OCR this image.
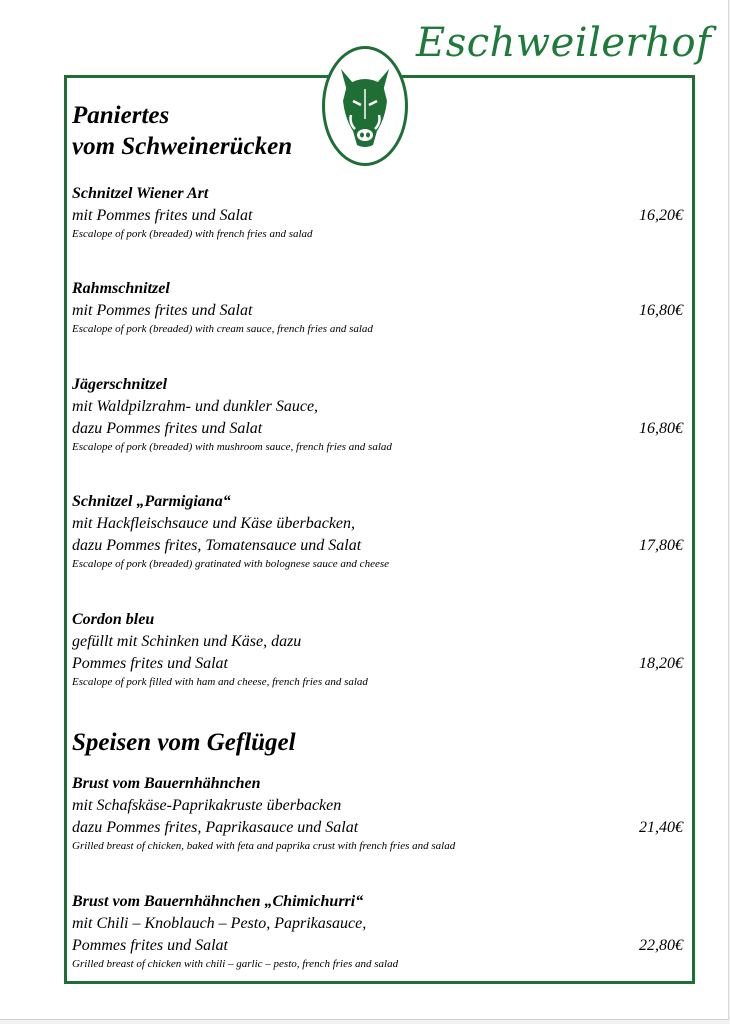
Eschweilerhof
Paniertes
vom Schweinerücken
Schnitzel Wiener Art
mit Pommes frites und Salat
Escalope of pork (breaded) with french fries and salad
16,20€
Rahmschnitzel
mit Pommes frites und Salat
Escalope of pork (breaded) with cream sauce, french fries and salad
16,80€
Jägerschnitzel
mit Waldpilzrahm- und dunkler Sauce,
dazu Pommes frites und Salat
Escalope of pork (breaded) with mushroom sauce, french fries and salad
16,80€
Schnitzel „Parmigiana“
mit Hackfleischsauce und Käse überbacken,
dazu Pommes frites, Tomatensauce und Salat
Escalope of pork (breaded) gratinated with bolognese sauce and cheese
17,80€
Cordon bleu
gefüllt mit Schinken und Käse, dazu
Pommes frites und Salat
Escalope of pork filled with ham and cheese, french fries and salad
18,20€
Speisen vom Geflügel
Brust vom Bauernhähnchen
mit Schafskäse-Paprikakruste überbacken
dazu Pommes frites, Paprikasauce und Salat
Grilled breast of chicken, baked with feta and paprika crust with french fries and salad
21,40€
Brust vom Bauernhähnchen „Chimichurri“
mit Chili – Knoblauch – Pesto, Paprikasauce,
Pommes frites und Salat
Grilled breast of chicken with chili – garlic – pesto, french fries and salad
22,80€
